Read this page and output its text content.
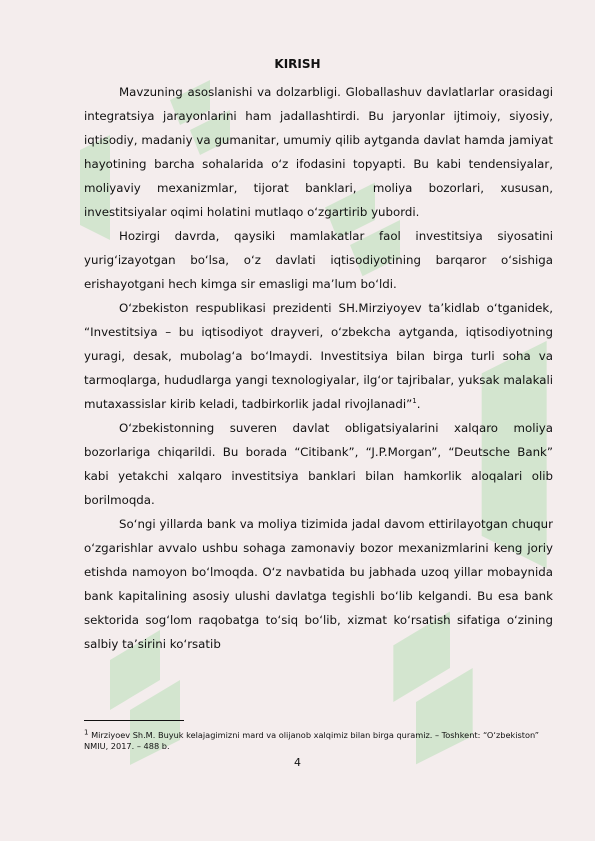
KIRISH

Mavzuning asoslanishi va dolzarbligi. Globallashuv davlatlarlar orasidagi integratsiya jarayonlarini ham jadallashtirdi. Bu jaryonlar ijtimoiy, siyosiy, iqtisodiy, madaniy va gumanitar, umumiy qilib aytganda davlat hamda jamiyat hayotining barcha sohalarida o‘z ifodasini topyapti. Bu kabi tendensiyalar, moliyaviy mexanizmlar, tijorat banklari, moliya bozorlari, xususan, investitsiyalar oqimi holatini mutlaqo o‘zgartirib yubordi.

Hozirgi davrda, qaysiki mamlakatlar faol investitsiya siyosatini yurig‘izayotgan bo‘lsa, o‘z davlati iqtisodiyotining barqaror o‘sishiga erishayotgani hech kimga sir emasligi ma’lum bo‘ldi.

O‘zbekiston respublikasi prezidenti SH.Mirziyoyev ta’kidlab o‘tganidek, “Investitsiya – bu iqtisodiyot drayveri, o‘zbekcha aytganda, iqtisodiyotning yuragi, desak, mubolag‘a bo‘lmaydi. Investitsiya bilan birga turli soha va tarmoqlarga, hududlarga yangi texnologiyalar, ilg‘or tajribalar, yuksak malakali mutaxassislar kirib keladi, tadbirkorlik jadal rivojlanadi”$^1$.

O‘zbekistonning suveren davlat obligatsiyalarini xalqaro moliya bozorlariga chiqarildi. Bu borada “Citibank”, “J.P.Morgan”, “Deutsche Bank” kabi yetakchi xalqaro investitsiya banklari bilan hamkorlik aloqalari olib borilmoqda.

So‘ngi yillarda bank va moliya tizimida jadal davom ettirilayotgan chuqur o‘zgarishlar avvalo ushbu sohaga zamonaviy bozor mexanizmlarini keng joriy etishda namoyon bo‘lmoqda. O‘z navbatida bu jabhada uzoq yillar mobaynida bank kapitalining asosiy ulushi davlatga tegishli bo‘lib kelgandi. Bu esa bank sektorida sog‘lom raqobatga to‘siq bo‘lib, xizmat ko‘rsatish sifatiga o‘zining salbiy ta’sirini ko‘rsatib

$^1$ Mirziyoev Sh.M. Buyuk kelajagimizni mard va olijanob xalqimiz bilan birga quramiz. – Toshkent: “O‘zbekiston” NMIU, 2017. – 488 b.
4
